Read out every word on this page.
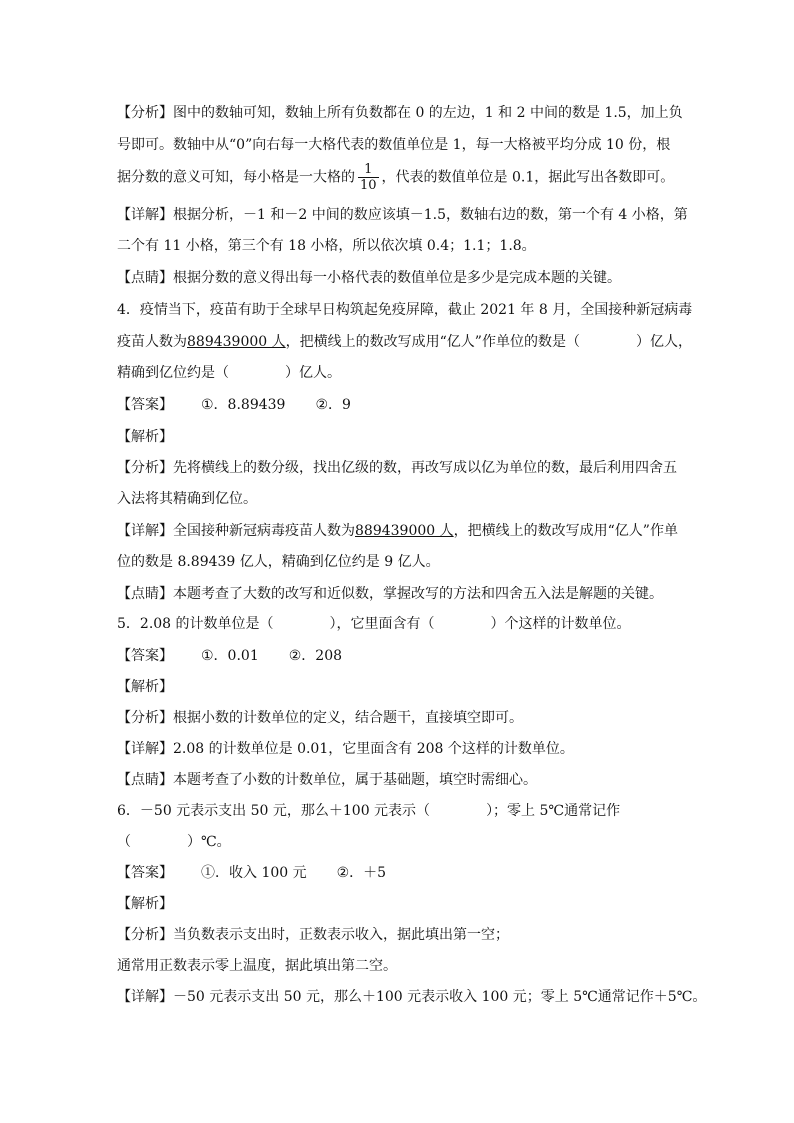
【分析】图中的数轴可知，数轴上所有负数都在 0 的左边，1 和 2 中间的数是 1.5，加上负
号即可。数轴中从“0”向右每一大格代表的数值单位是 1，每一大格被平均分成 10 份，根
据分数的意义可知，每小格是一大格的 $\frac{1}{10}$ ，代表的数值单位是 0.1，据此写出各数即可。
【详解】根据分析，－1 和－2 中间的数应该填－1.5，数轴右边的数，第一个有 4 小格，第
二个有 11 小格，第三个有 18 小格，所以依次填 0.4；1.1；1.8。
【点睛】根据分数的意义得出每一小格代表的数值单位是多少是完成本题的关键。
4．疫情当下，疫苗有助于全球早日构筑起免疫屏障，截止 2021 年 8 月，全国接种新冠病毒
疫苗人数为889439000 人，把横线上的数改写成用“亿人”作单位的数是（	）亿人，
精确到亿位约是（	）亿人。
【答案】 ①．8.89439 ②．9
【解析】
【分析】先将横线上的数分级，找出亿级的数，再改写成以亿为单位的数，最后利用四舍五
入法将其精确到亿位。
【详解】全国接种新冠病毒疫苗人数为889439000 人，把横线上的数改写成用“亿人”作单
位的数是 8.89439 亿人，精确到亿位约是 9 亿人。
【点睛】本题考查了大数的改写和近似数，掌握改写的方法和四舍五入法是解题的关键。
5．2.08 的计数单位是（	），它里面含有（	）个这样的计数单位。
【答案】 ①．0.01 ②．208
【解析】
【分析】根据小数的计数单位的定义，结合题干，直接填空即可。
【详解】2.08 的计数单位是 0.01，它里面含有 208 个这样的计数单位。
【点睛】本题考查了小数的计数单位，属于基础题，填空时需细心。
6．－50 元表示支出 50 元，那么＋100 元表示（	）；零上 5℃通常记作
（	）℃。
【答案】 ①．收入 100 元 ②．＋5
【解析】
【分析】当负数表示支出时，正数表示收入，据此填出第一空；
通常用正数表示零上温度，据此填出第二空。
【详解】－50 元表示支出 50 元，那么＋100 元表示收入 100 元；零上 5℃通常记作＋5℃。
